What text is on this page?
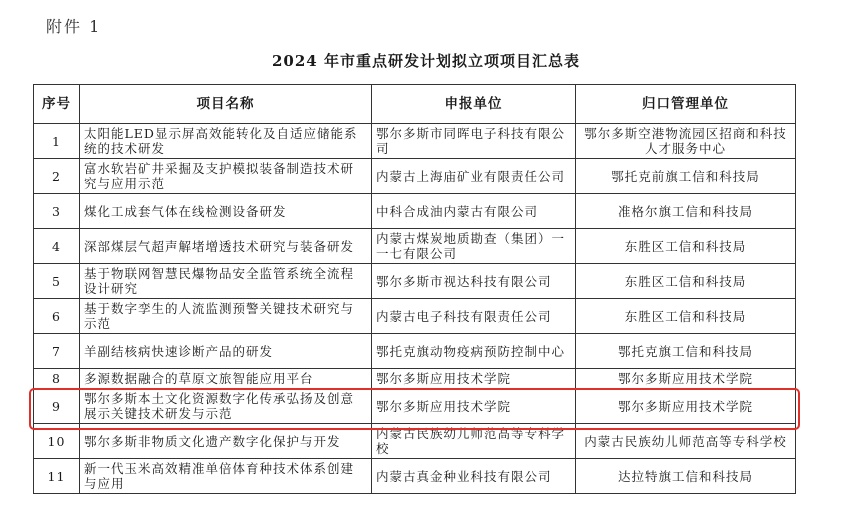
附件 1
2024 年市重点研发计划拟立项项目汇总表
序号	项目名称	申报单位	归口管理单位
1	太阳能LED显示屏高效能转化及自适应储能系统的技术研发	鄂尔多斯市同晖电子科技有限公司	鄂尔多斯空港物流园区招商和科技人才服务中心
2	富水软岩矿井采掘及支护模拟装备制造技术研究与应用示范	内蒙古上海庙矿业有限责任公司	鄂托克前旗工信和科技局
3	煤化工成套气体在线检测设备研发	中科合成油内蒙古有限公司	准格尔旗工信和科技局
4	深部煤层气超声解堵增透技术研究与装备研发	内蒙古煤炭地质勘查（集团）一一七有限公司	东胜区工信和科技局
5	基于物联网智慧民爆物品安全监管系统全流程设计研究	鄂尔多斯市视达科技有限公司	东胜区工信和科技局
6	基于数字孪生的人流监测预警关键技术研究与示范	内蒙古电子科技有限责任公司	东胜区工信和科技局
7	羊副结核病快速诊断产品的研发	鄂托克旗动物疫病预防控制中心	鄂托克旗工信和科技局
8	多源数据融合的草原文旅智能应用平台	鄂尔多斯应用技术学院	鄂尔多斯应用技术学院
9	鄂尔多斯本土文化资源数字化传承弘扬及创意展示关键技术研发与示范	鄂尔多斯应用技术学院	鄂尔多斯应用技术学院
10	鄂尔多斯非物质文化遗产数字化保护与开发	内蒙古民族幼儿师范高等专科学校	内蒙古民族幼儿师范高等专科学校
11	新一代玉米高效精准单倍体育种技术体系创建与应用	内蒙古真金种业科技有限公司	达拉特旗工信和科技局
